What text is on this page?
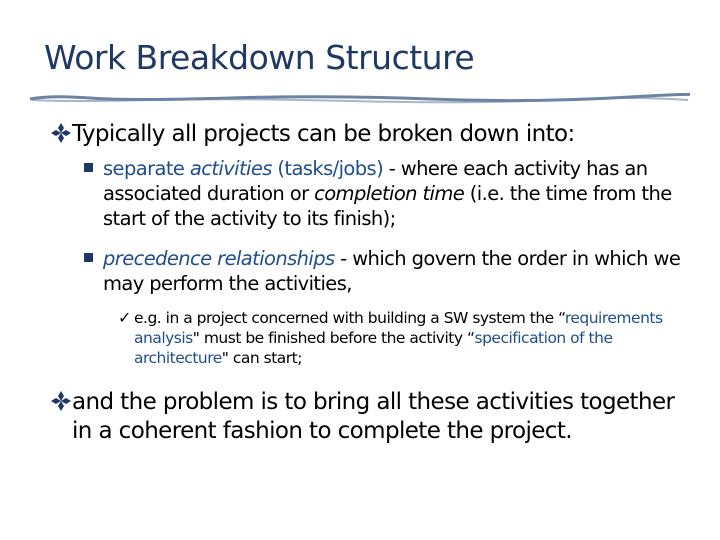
Work Breakdown Structure
Typically all projects can be broken down into:
separate activities (tasks/jobs) - where each activity has an associated duration or completion time (i.e. the time from the start of the activity to its finish);
precedence relationships - which govern the order in which we may perform the activities,
✓ e.g. in a project concerned with building a SW system the “requirements analysis" must be finished before the activity “specification of the architecture" can start;
and the problem is to bring all these activities together in a coherent fashion to complete the project.
